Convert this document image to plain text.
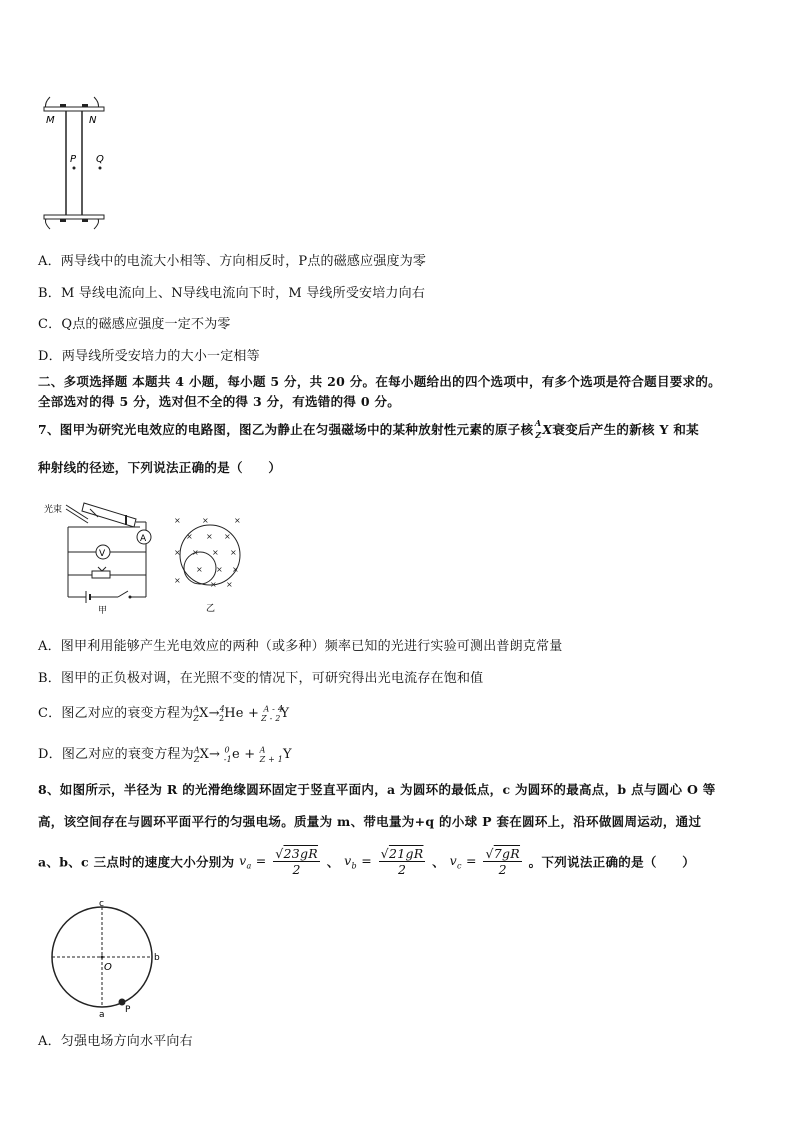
M	N
P Q
A．两导线中的电流大小相等、方向相反时，P点的磁感应强度为零
B．M 导线电流向上、N导线电流向下时，M 导线所受安培力向右
C．Q点的磁感应强度一定不为零
D．两导线所受安培力的大小一定相等
二、多项选择题 本题共 4 小题，每小题 5 分，共 20 分。在每小题给出的四个选项中，有多个选项是符合题目要求的。
全部选对的得 5 分，选对但不全的得 3 分，有选错的得 0 分。
7、图甲为研究光电效应的电路图，图乙为静止在匀强磁场中的某种放射性元素的原子核 A
Z X衰变后产生的新核 Y 和某
种射线的径迹，下列说法正确的是（　　）
光束
A
V
甲
×	×	×
× × ×
× × × ×
× × ×
×	× ×
乙
A．图甲利用能够产生光电效应的两种（或多种）频率已知的光进行实验可测出普朗克常量
B．图甲的正负极对调，在光照不变的情况下，可研究得出光电流存在饱和值
C．图乙对应的衰变方程为$^A_Z$X→$^4_2$He + $^{A - 4}_{Z - 2}$Y
D．图乙对应的衰变方程为$^A_Z$X→ $^0_{-1}$e + $^A_{Z + 1}$Y
8、如图所示，半径为 R 的光滑绝缘圆环固定于竖直平面内，a 为圆环的最低点，c 为圆环的最高点，b 点与圆心 O 等
高，该空间存在与圆环平面平行的匀强电场。质量为 m、带电量为+q 的小球 P 套在圆环上，沿环做圆周运动，通过
a、b、c 三点时的速度大小分别为 $v_a = \frac{√23gR}{2}$ 、 $v_b = \frac{√21gR}{2}$ 、 $v_c = \frac{√7gR}{2}$ 。下列说法正确的是（　　）
c
b
O
a P
A．匀强电场方向水平向右
